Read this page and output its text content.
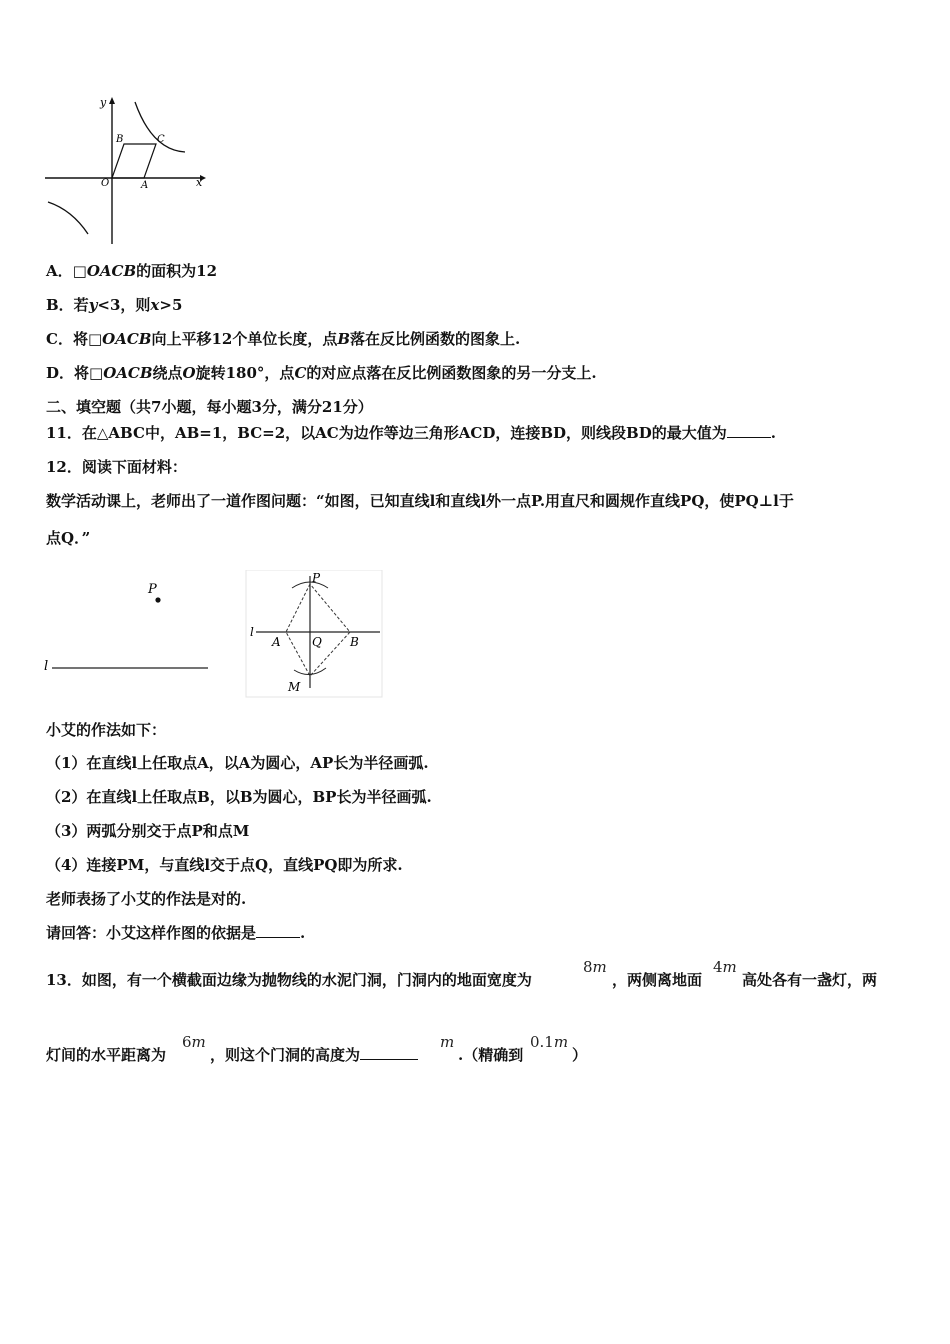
y
x
O	A
B	C
A．□OACB的面积为12
B．若y<3，则x>5
C．将□OACB向上平移12个单位长度，点B落在反比例函数的图象上.
D．将□OACB绕点O旋转180°，点C的对应点落在反比例函数图象的另一分支上.
二、填空题（共7小题，每小题3分，满分21分）
11．在△ABC中，AB=1，BC=2，以AC为边作等边三角形ACD，连接BD，则线段BD的最大值为	.
12．阅读下面材料：
数学活动课上，老师出了一道作图问题：“如图，已知直线l和直线l外一点P.用直尺和圆规作直线PQ，使PQ⊥l于
点Q．”
P
l
P
l
A	Q B
M
小艾的作法如下：
（1）在直线l上任取点A，以A为圆心，AP长为半径画弧.
（2）在直线l上任取点B，以B为圆心，BP长为半径画弧.
（3）两弧分别交于点P和点M
（4）连接PM，与直线l交于点Q，直线PQ即为所求.
老师表扬了小艾的作法是对的.
请回答：小艾这样作图的依据是	.
13．如图，有一个横截面边缘为抛物线的水泥门洞，门洞内的地面宽度为
8m
，两侧离地面
4m
高处各有一盏灯，两
灯间的水平距离为
6m
，则这个门洞的高度为
m
.（精确到
0.1m
）
